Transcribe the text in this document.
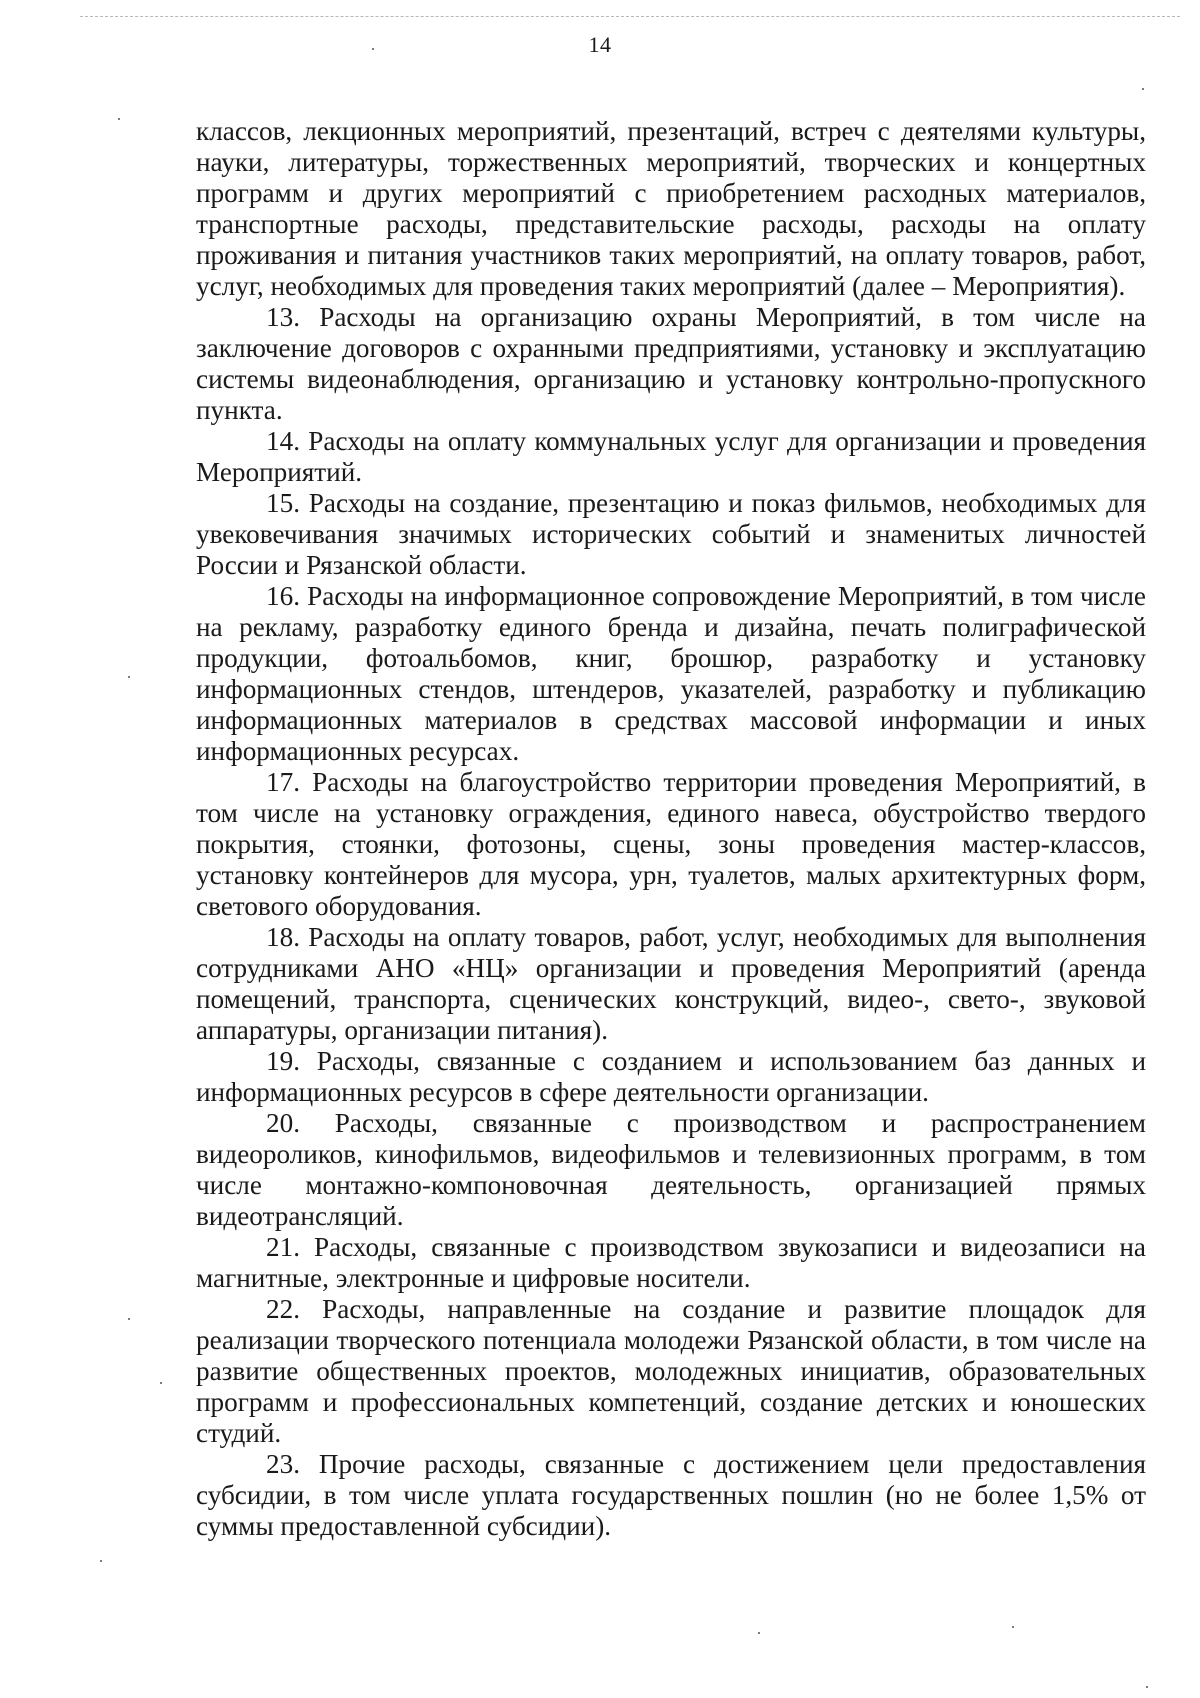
14

классов, лекционных мероприятий, презентаций, встреч с деятелями культуры, науки, литературы, торжественных мероприятий, творческих и концертных программ и других мероприятий с приобретением расходных материалов, транспортные расходы, представительские расходы, расходы на оплату проживания и питания участников таких мероприятий, на оплату товаров, работ, услуг, необходимых для проведения таких мероприятий (далее – Мероприятия).

13. Расходы на организацию охраны Мероприятий, в том числе на заключение договоров с охранными предприятиями, установку и эксплуатацию системы видеонаблюдения, организацию и установку контрольно-пропускного пункта.

14. Расходы на оплату коммунальных услуг для организации и проведения Мероприятий.

15. Расходы на создание, презентацию и показ фильмов, необходимых для увековечивания значимых исторических событий и знаменитых личностей России и Рязанской области.

16. Расходы на информационное сопровождение Мероприятий, в том числе на рекламу, разработку единого бренда и дизайна, печать полиграфической продукции, фотоальбомов, книг, брошюр, разработку и установку информационных стендов, штендеров, указателей, разработку и публикацию информационных материалов в средствах массовой информации и иных информационных ресурсах.

17. Расходы на благоустройство территории проведения Мероприятий, в том числе на установку ограждения, единого навеса, обустройство твердого покрытия, стоянки, фотозоны, сцены, зоны проведения мастер-классов, установку контейнеров для мусора, урн, туалетов, малых архитектурных форм, светового оборудования.

18. Расходы на оплату товаров, работ, услуг, необходимых для выполнения сотрудниками АНО «НЦ» организации и проведения Мероприятий (аренда помещений, транспорта, сценических конструкций, видео-, свето-, звуковой аппаратуры, организации питания).

19. Расходы, связанные с созданием и использованием баз данных и информационных ресурсов в сфере деятельности организации.

20. Расходы, связанные с производством и распространением видеороликов, кинофильмов, видеофильмов и телевизионных программ, в том числе монтажно-компоновочная деятельность, организацией прямых видеотрансляций.

21. Расходы, связанные с производством звукозаписи и видеозаписи на магнитные, электронные и цифровые носители.

22. Расходы, направленные на создание и развитие площадок для реализации творческого потенциала молодежи Рязанской области, в том числе на развитие общественных проектов, молодежных инициатив, образовательных программ и профессиональных компетенций, создание детских и юношеских студий.

23. Прочие расходы, связанные с достижением цели предоставления субсидии, в том числе уплата государственных пошлин (но не более 1,5% от суммы предоставленной субсидии).
